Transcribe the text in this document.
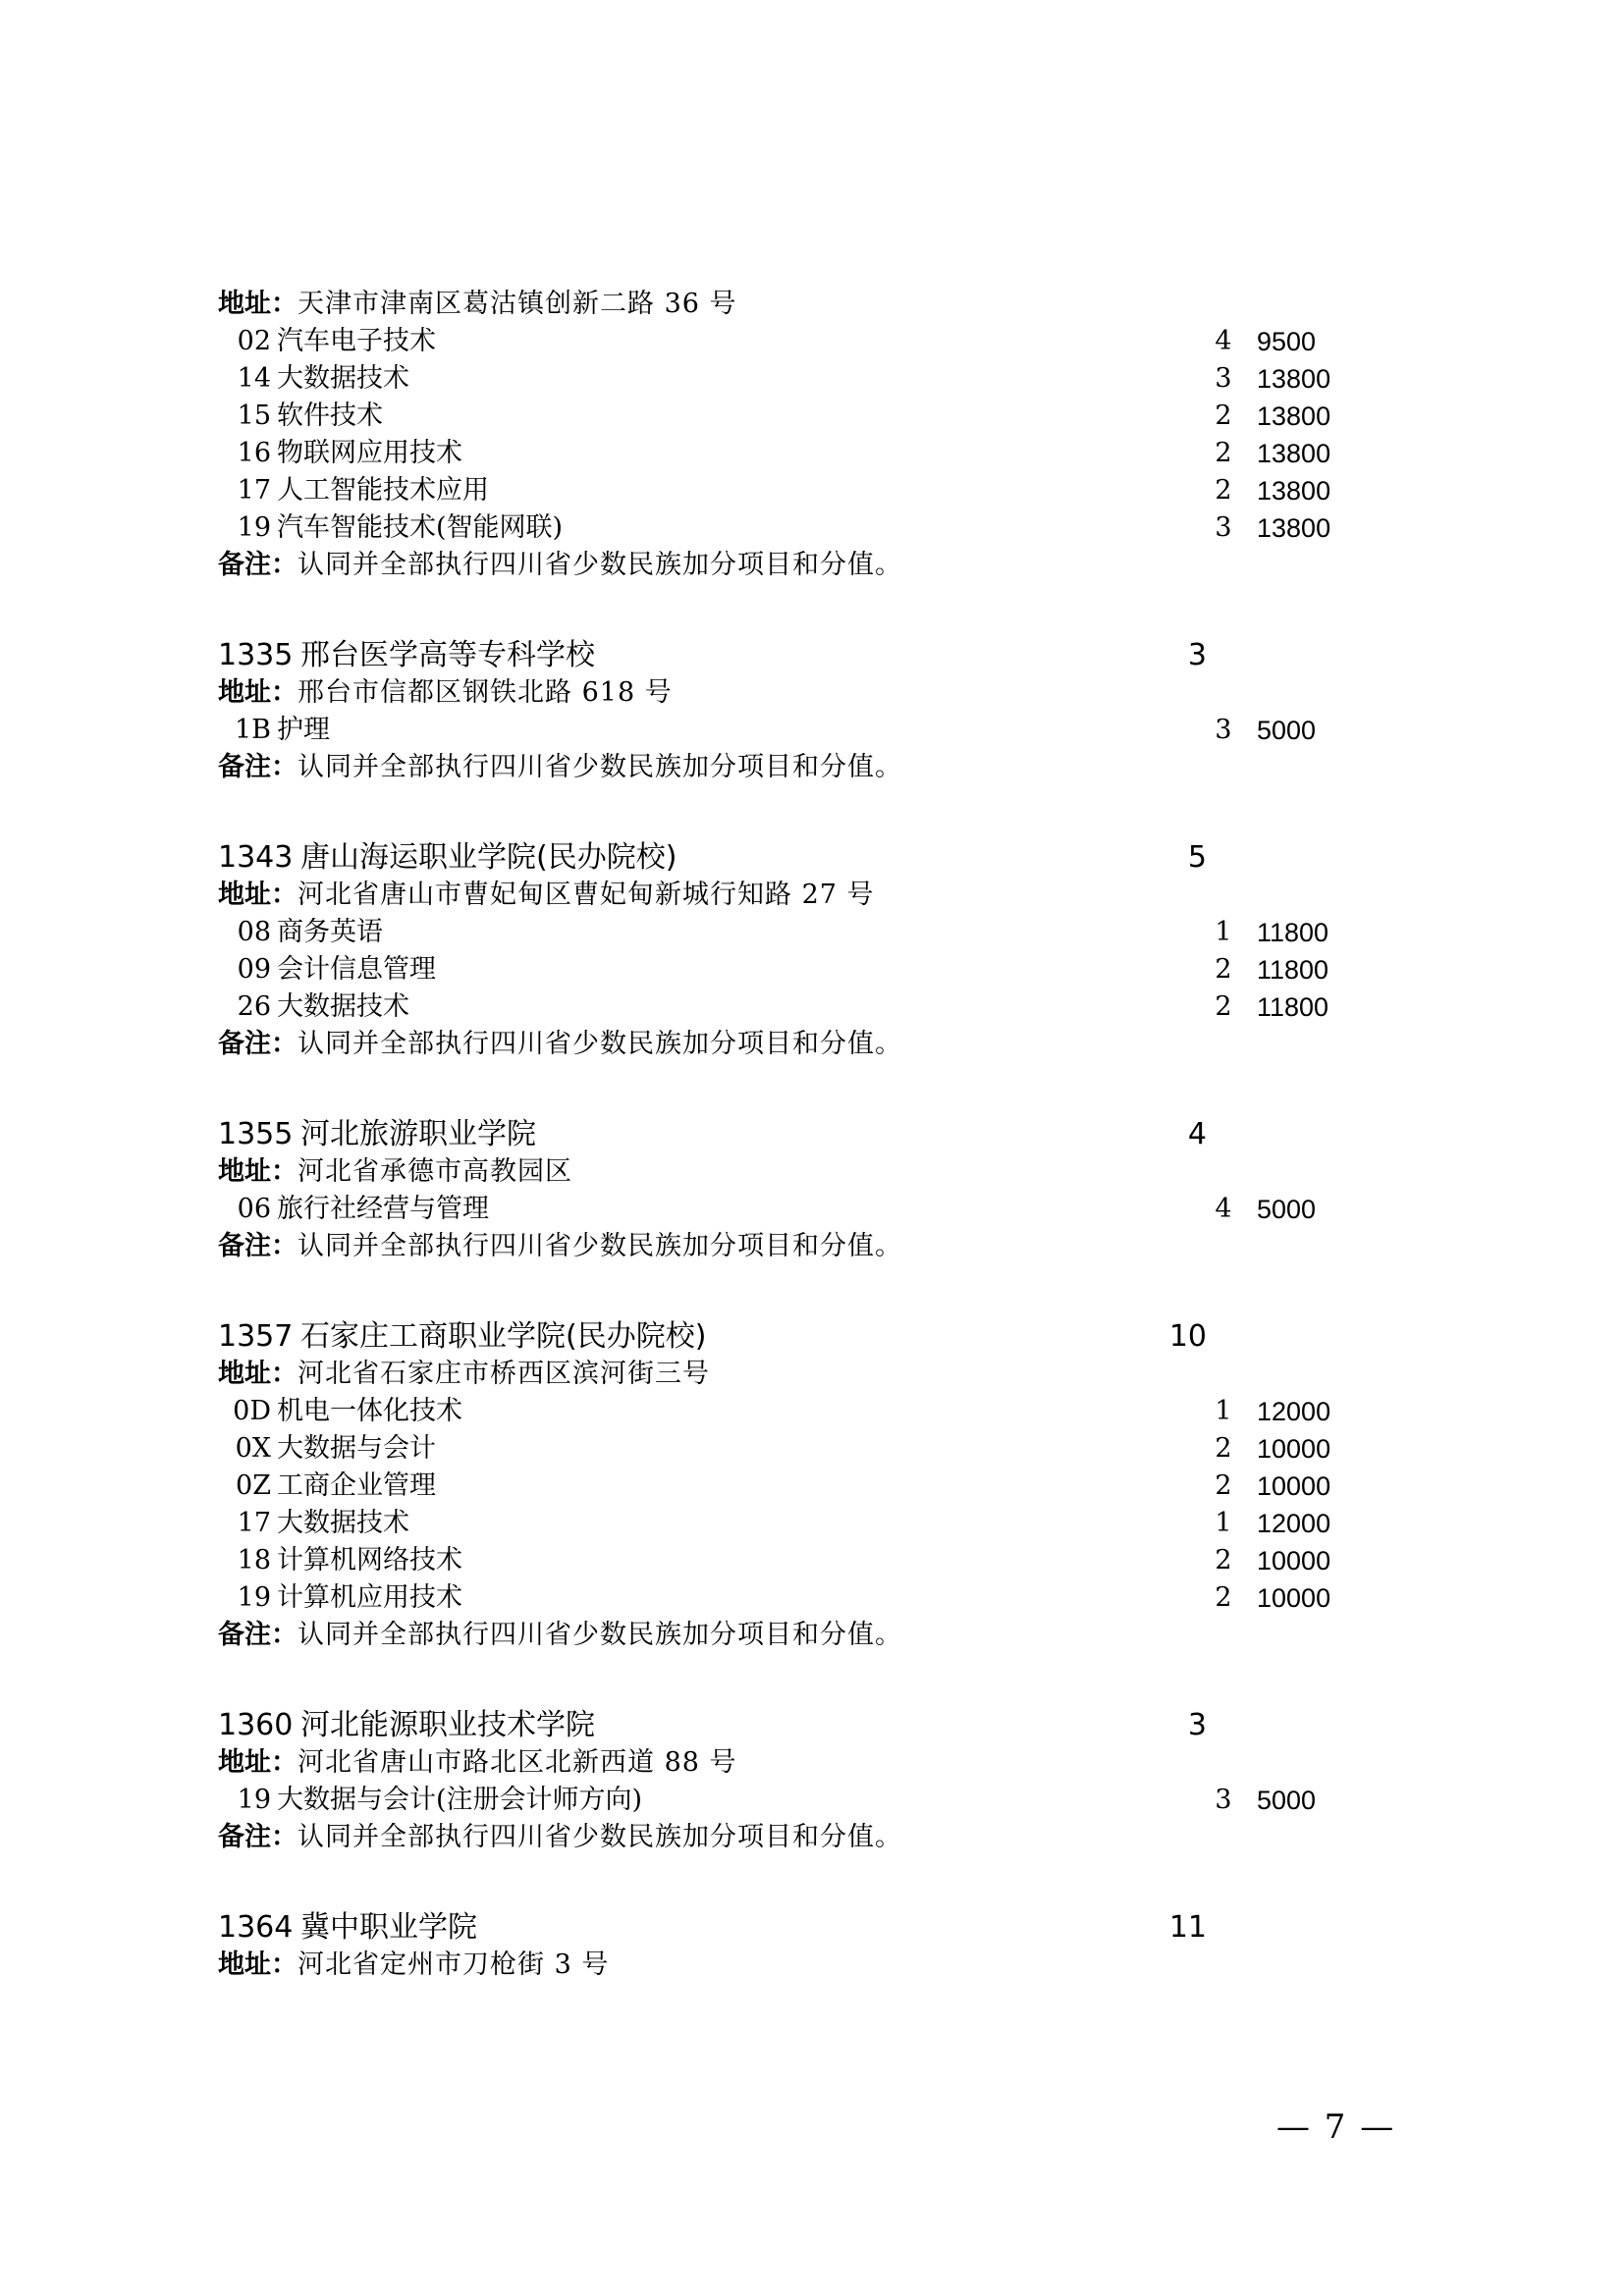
地址：天津市津南区葛沽镇创新二路 36 号
02 汽车电子技术	4 9500
14 大数据技术	3 13800
15 软件技术	2 13800
16 物联网应用技术	2 13800
17 人工智能技术应用	2 13800
19 汽车智能技术(智能网联)	3 13800
备注：认同并全部执行四川省少数民族加分项目和分值。
1335 邢台医学高等专科学校	3
地址：邢台市信都区钢铁北路 618 号
1B 护理	3 5000
备注：认同并全部执行四川省少数民族加分项目和分值。
1343 唐山海运职业学院(民办院校)	5
地址：河北省唐山市曹妃甸区曹妃甸新城行知路 27 号
08 商务英语	1 11800
09 会计信息管理	2 11800
26 大数据技术	2 11800
备注：认同并全部执行四川省少数民族加分项目和分值。
1355 河北旅游职业学院	4
地址：河北省承德市高教园区
06 旅行社经营与管理	4 5000
备注：认同并全部执行四川省少数民族加分项目和分值。
1357 石家庄工商职业学院(民办院校)	10
地址：河北省石家庄市桥西区滨河街三号
0D 机电一体化技术	1 12000
0X 大数据与会计	2 10000
0Z 工商企业管理	2 10000
17 大数据技术	1 12000
18 计算机网络技术	2 10000
19 计算机应用技术	2 10000
备注：认同并全部执行四川省少数民族加分项目和分值。
1360 河北能源职业技术学院	3
地址：河北省唐山市路北区北新西道 88 号
19 大数据与会计(注册会计师方向)	3 5000
备注：认同并全部执行四川省少数民族加分项目和分值。
1364 冀中职业学院	11
地址：河北省定州市刀枪街 3 号
— 7 —
